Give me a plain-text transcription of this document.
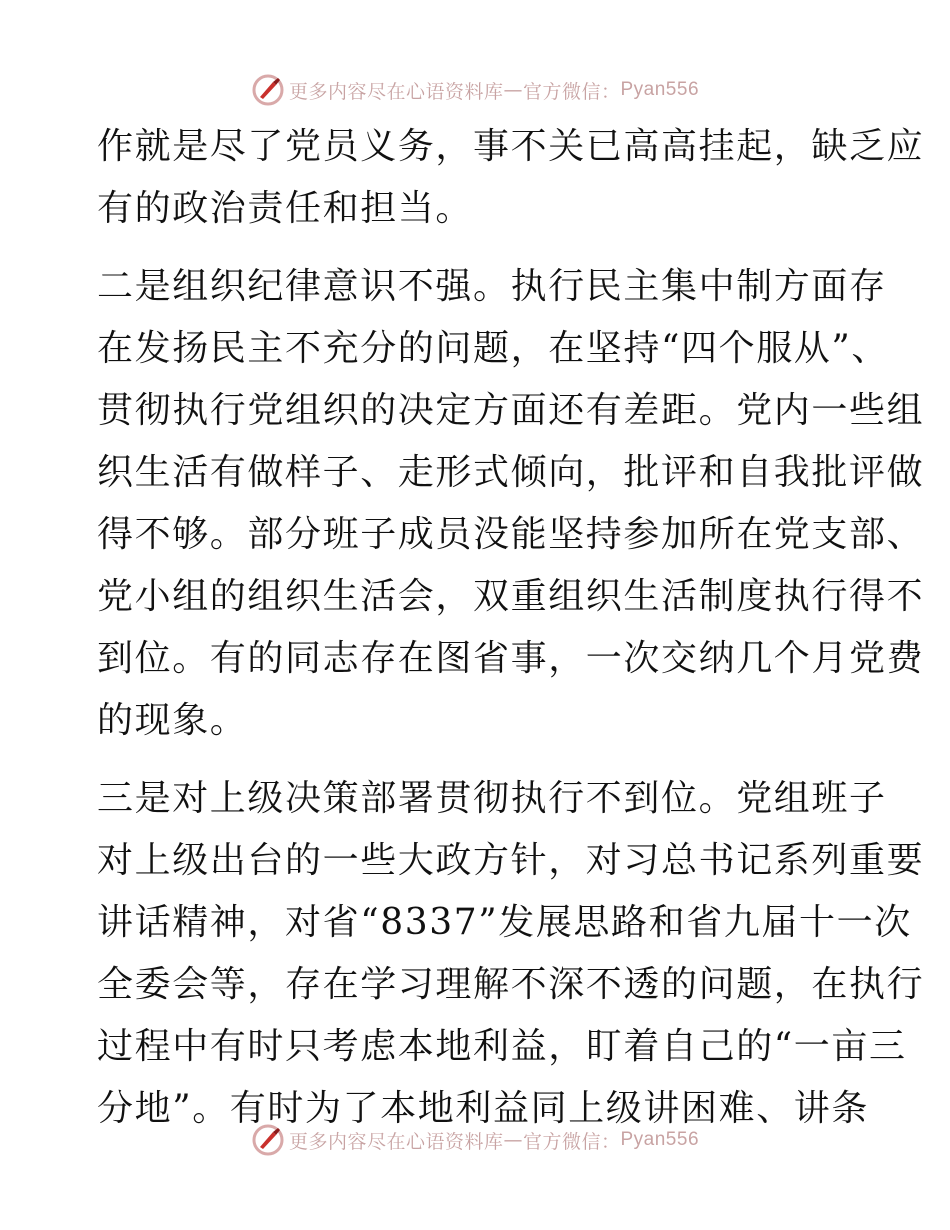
更多内容尽在心语资料库 — 官方微信： Pyan556

作就是尽了党员义务，事不关已高高挂起，缺乏应
有的政治责任和担当。

二是组织纪律意识不强。执行民主集中制方面存
在发扬民主不充分的问题，在坚持“四个服从”、
贯彻执行党组织的决定方面还有差距。党内一些组
织生活有做样子、走形式倾向，批评和自我批评做
得不够。部分班子成员没能坚持参加所在党支部、
党小组的组织生活会，双重组织生活制度执行得不
到位。有的同志存在图省事，一次交纳几个月党费
的现象。

三是对上级决策部署贯彻执行不到位。党组班子
对上级出台的一些大政方针，对习总书记系列重要
讲话精神，对省“8337”发展思路和省九届十一次
全委会等，存在学习理解不深不透的问题，在执行
过程中有时只考虑本地利益，盯着自己的“一亩三
分地”。有时为了本地利益同上级讲困难、讲条

更多内容尽在心语资料库 — 官方微信： Pyan556
